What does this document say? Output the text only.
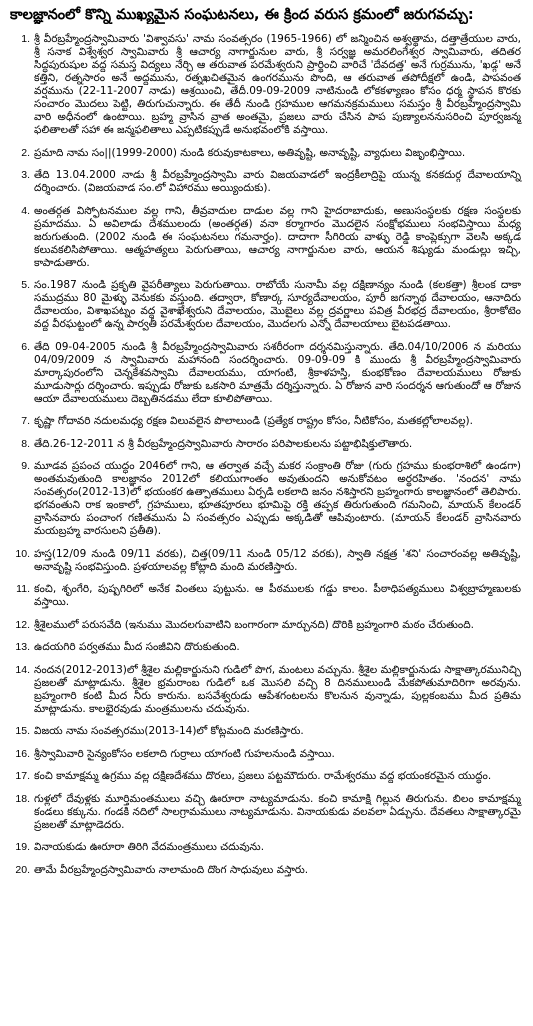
కాలజ్ఞానంలో కొన్ని ముఖ్యమైన సంఘటనలు, ఈ క్రింద వరుస క్రమంలో జరుగవచ్చు:
1. శ్రీ వీరబ్రహ్మేంద్రస్వామివారు 'విశ్వావసు' నామ సంవత్సరం (1965-1966) లో జన్మించిన అశ్వత్థామ, దత్తాత్రేయుల వారు, శ్రీ సనాక విశ్వేశ్వర స్వామివారు శ్రీ ఆచార్య నాగార్జునుల వారు, శ్రీ సర్వజ్ఞ అమరలింగేశ్వర స్వామివారు, తదితర సిద్ధపురుషుల వద్ద సమస్త విద్యలు నేర్చి ఆ తరువాత పరమేశ్వరుని ప్రార్థించి వారిచే 'దేవదత్త' అనే గుర్రమును, 'ఖడ్గ' అనే కత్తిని, రత్నసారం అనే అద్దమును, రత్నఖచితమైన ఉంగరమును పొంది, ఆ తరువాత తపోదీక్షలో ఉండి, పాపవంత వర్షమును (22-11-2007 నాడు) ఆశ్రయించి, తేదీ.09-09-2009 నాటినుండి లోకకళ్యాణం కోసం ధర్మ స్థాపన కొరకు సంచారం మొదలు పెట్టి, తిరుగుచున్నారు. ఈ తేదీ నుండి గ్రహముల ఆగమనక్రమములు సమస్తం శ్రీ వీరబ్రహ్మేంద్రస్వామి వారి అధీనంలో ఉంటాయి. బ్రహ్మ వ్రాసిన వ్రాత అంతమై, ప్రజలు వారు చేసిన పాప పుణ్యాలననుసరించి పూర్వజన్మ ఫలితాలతో సహా ఈ జన్మఫలితాలు ఎప్పటికప్పుడే అనుభవంలోకి వస్తాయి.
2. ప్రమాది నామ సం||(1999-2000) నుండి కరువుకాటకాలు, అతివృష్టి, అనావృష్టి, వ్యాధులు విజృంభిస్తాయి.
3. తేది 13.04.2000 నాడు శ్రీ వీరబ్రహ్మేంద్రస్వామి వారు విజయవాడలో ఇంద్రకీలాద్రిపై యున్న కనకదుర్గ దేవాలయాన్ని దర్శించారు. (విజయవాడ సం.లో విహారము అయ్యిందుకు).
4. అంతర్గత విస్ఫోటనముల వల్ల గాని, తీవ్రవాదుల దాడుల వల్ల గాని హైదరాబాదుకు, అణుసంస్థలకు రక్షణ సంస్థలకు ప్రమాదము. ఏ అవిలాడు దేశములందు (అంతర్గత) వనా కర్మాగారం మొదలైన సంక్షోభములు సంభవిస్తాయి మధ్య జరుగుతుంది. (2002 నుండి ఈ సంఘటనలు గమనార్హం). దాదాగా సీగిరియ వాళ్ళు రెడ్డి కాంప్లెక్సుగా వెలసి అక్కడ కలువకలిసిపోతాయి. ఆత్మహత్యలు పెరుగుతాయి, ఆచార్య నాగార్జునుల వారు, ఆయన శిష్యుడు మండుల్లు ఇచ్చి, కాపాడుతారు.
5. సం.1987 నుండి ప్రకృతి వైపరీత్యాలు పెరుగుతాయి. రాబోయే సునామీ వల్ల దక్షిణాన్యం నుండి (కలకత్తా) శ్రీలంక దాకా సముద్రము 80 మైళ్ళు వెనుకకు వస్తుంది. తద్వారా, కోణార్క సూర్యదేవాలయం, పూరీ జగన్నాథ దేవాలయం, ఆనాదిరు దేవాలయం, విశాఖపట్నం వద్ద వైశాఖేశ్వరుని దేవాలయం, మొబైలు వల్ల ద్రవర్ణాలు పవిత్ర వీరభద్ర దేవాలయం, శ్రీరాకోటెం వద్ద వీరఘట్టంలో ఉన్న పార్వతీ పరమేశ్వరుల దేవాలయం, మొదలగు ఎన్నో దేవాలయాలు బైటపడతాయి.
6. తేది 09-04-2005 నుండి శ్రీ వీరబ్రహ్మేంద్రస్వామివారు సశరీరంగా దర్శనమిస్తున్నారు. తేది.04/10/2006 న మరియు 04/09/2009 న స్వామివారు మహానంది సందర్శించారు. 09-09-09 కి ముందు శ్రీ వీరబ్రహ్మేంద్రస్వామివారు మార్కాపురంలోని చెన్నకేశవస్వామి దేవాలయము, యాగంటి, శ్రీకాళహస్తి, కుంభకోణం దేవాలయములు రోజుకు మూడుసార్లు దర్శించారు. ఇప్పుడు రోజుకు ఒకసారి మాత్రమే దర్శిస్తున్నారు. ఏ రోజున వారి సందర్శన ఆగుతుందో ఆ రోజున ఆయా దేవాలయములు దెబ్బతినడము లేదా కూలిపోతాయి.
7. కృష్ణా గోదావరి నదులమధ్య రక్షణ విలువలైన పొలాలుండి (ప్రత్యేక రాష్ట్రం కోసం, నీటికోసం, మతకల్లోలాలవల్ల).
8. తేది.26-12-2011 న శ్రీ వీరబ్రహ్మేంద్రస్వామివారు సారారం పరిపాలకులను పట్టాభిషిక్తులౌతారు.
9. మూడవ ప్రపంచ యుద్ధం 2046లో గాని, ఆ తర్వాత వచ్చే మకర సంక్రాంతి రోజు (గురు గ్రహము కుంభరాశిలో ఉండగా) అంతమవుతుంది కాలజ్ఞానం 2012లో కలియుగాంతం అవుతుందని అనుకోవటం అర్థరహితం. 'నందన' నామ సంవత్సరం(2012-13)లో భయంకర ఉత్పాతములు ఏర్పడి లకలాది జనం నశిస్తారని బ్రహ్మంగారు కాలజ్ఞానంలో తెలిపారు. భగవంతుని రాక ఇంకాలో, గ్రహములు, భూతపూరలు భూమిపై రక్తి తప్పక తిరుగుతుంది గమనించి, మాయన్ కేలండర్ వ్రాసినవారు పంచాంగ గణితమును ఏ సంవత్సరం ఎప్పుడు అక్కడితో ఆపివుంటారు. (మాయన్ కేలండర్ వ్రాసినవారు మయబ్రహ్మ వారసులని ప్రతీతి).
10. హస్త(12/09 నుండి 09/11 వరకు), చిత్త(09/11 నుండి 05/12 వరకు), స్వాతి నక్షత్ర 'శని' సంచారంవల్ల అతివృష్టి, అనావృష్టి సంభవిస్తుంది. ప్రళయాలవల్ల కోట్లాది మంది మరణిస్తారు.
11. కంచి, శృంగేరి, పుష్పగిరిలో అనేక వింతలు పుట్టును. ఆ పీఠములకు గడ్డు కాలం. పీఠాధిపత్యములు విశ్వబ్రాహ్మణులకు వస్తాయి.
12. శ్రీశైలములో పరుసవేది (ఇనుము మొదలగువాటిని బంగారంగా మార్చునది) దొరికి బ్రహ్మంగారి మఠం చేరుతుంది.
13. ఉదయగిరి పర్వతము మీద సంజీవిని దొరుకుతుంది.
14. నందన(2012-2013)లో శ్రీశైల మల్లికార్జునుని గుడిలో పొగ, మంటలు వచ్చును. శ్రీశైల మల్లికార్జునుడు సాక్షాత్కారమునిచ్చి ప్రజలతో మాట్లాడును. శ్రీశైల భ్రమరాంబ గుడిలో ఒక మొసలి వచ్చి 8 దినములుండి మేకపోతుమాదిరిగా అరవును. బ్రహ్మంగారి కంటి మీద నీరు కారును. బసవేశ్వరుడు ఆపేశగంటలను కొలనున వున్నాడు, పుల్లకంబము మీద ప్రతిమ మాట్లాడును. కాలభైరవుడు మంత్రములను చదువును.
15. విజయ నామ సంవత్సరము(2013-14)లో కోట్లమంది మరణిస్తారు.
16. శ్రీస్వామివారి సైన్యంకోసం లకలాది గుర్రాలు యాగంటి గుహలనుండి వస్తాయి.
17. కంచి కామాక్షమ్మ ఉగ్రము వల్ల దక్షిణదేశము దొరలు, ప్రజలు పట్టమౌదురు. రామేశ్వరము వద్ద భయంకరమైన యుద్ధం.
18. గుళ్లలో దేవుళ్లకు మూర్తిమంతములు వచ్చి ఊరూరా నాట్యమాడును. కంచి కామాక్షి గిల్లున తిరుగును. బిలం కామాక్షమ్మ కండలు కక్కును. గండకి నదిలో సాలగ్రామములు నాట్యమాడును. వినాయకుడు వలవలా ఏడ్చును. దేవతలు సాక్షాత్కారమై ప్రజలతో మాట్లాడెదరు.
19. వినాయకుడు ఊరూరా తిరిగి వేదమంత్రములు చదువును.
20. తామే వీరబ్రహ్మేంద్రస్వామివారు నాలామంది దొంగ సాధువులు వస్తారు.
